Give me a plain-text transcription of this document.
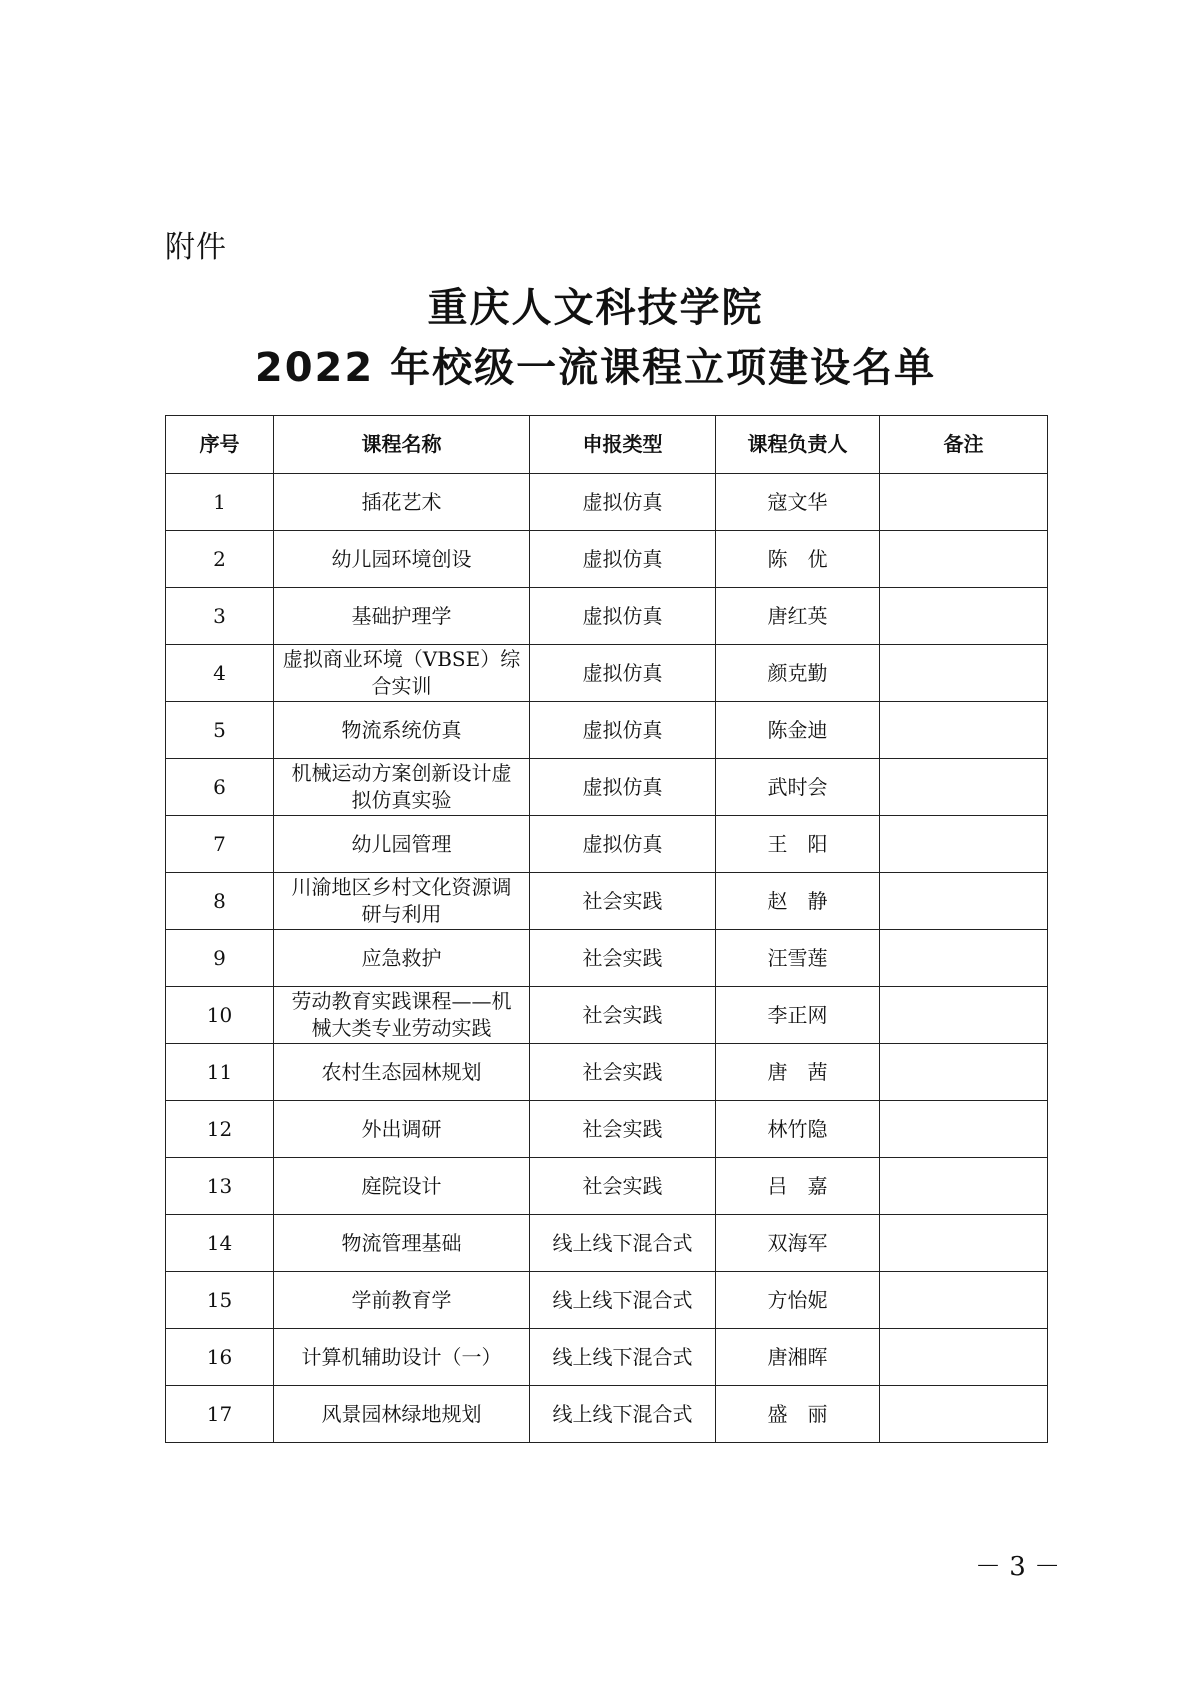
附件
重庆人文科技学院
2022 年校级一流课程立项建设名单
序号	课程名称	申报类型	课程负责人	备注
1	插花艺术	虚拟仿真	寇文华	
2	幼儿园环境创设	虚拟仿真	陈　优	
3	基础护理学	虚拟仿真	唐红英	
4	虚拟商业环境（VBSE）综合实训	虚拟仿真	颜克勤	
5	物流系统仿真	虚拟仿真	陈金迪	
6	机械运动方案创新设计虚拟仿真实验	虚拟仿真	武时会	
7	幼儿园管理	虚拟仿真	王　阳	
8	川渝地区乡村文化资源调研与利用	社会实践	赵　静	
9	应急救护	社会实践	汪雪莲	
10	劳动教育实践课程——机械大类专业劳动实践	社会实践	李正网	
11	农村生态园林规划	社会实践	唐　茜	
12	外出调研	社会实践	林竹隐	
13	庭院设计	社会实践	吕　嘉	
14	物流管理基础	线上线下混合式	双海军	
15	学前教育学	线上线下混合式	方怡妮	
16	计算机辅助设计（一）	线上线下混合式	唐湘晖	
17	风景园林绿地规划	线上线下混合式	盛　丽	
－ 3 －
